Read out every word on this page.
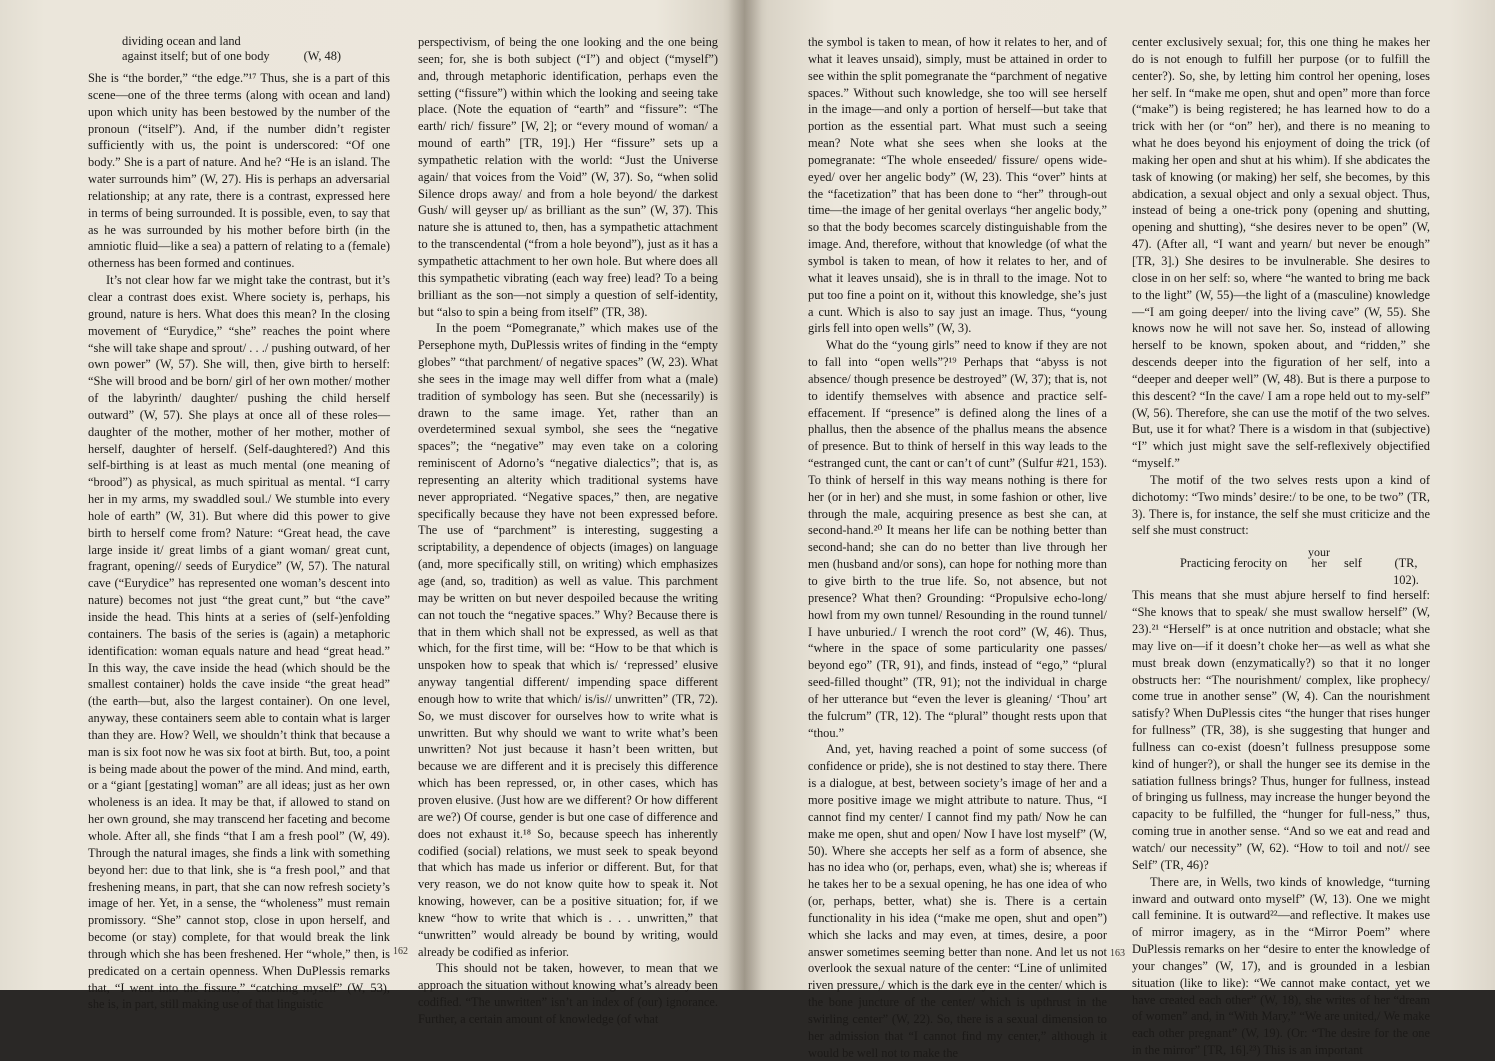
dividing ocean and land
against itself; but of one body	(W, 48)

She is “the border,” “the edge.”¹⁷ Thus, she is a part of this scene—one of the three terms (along with ocean and land) upon which unity has been bestowed by the number of the pronoun (“itself”). And, if the number didn’t register sufficiently with us, the point is underscored: “Of one body.” She is a part of nature. And he? “He is an island. The water surrounds him” (W, 27). His is perhaps an adversarial relationship; at any rate, there is a contrast, expressed here in terms of being surrounded. It is possible, even, to say that as he was surrounded by his mother before birth (in the amniotic fluid—like a sea) a pattern of relating to a (female) otherness has been formed and continues.

It’s not clear how far we might take the contrast, but it’s clear a contrast does exist. Where society is, perhaps, his ground, nature is hers. What does this mean? In the closing movement of “Eurydice,” “she” reaches the point where “she will take shape and sprout/ . . ./ pushing outward, of her own power” (W, 57). She will, then, give birth to herself: “She will brood and be born/ girl of her own mother/ mother of the labyrinth/ daughter/ pushing the child herself outward” (W, 57). She plays at once all of these roles—daughter of the mother, mother of her mother, mother of herself, daughter of herself. (Self-daughtered?) And this self-birthing is at least as much mental (one meaning of “brood”) as physical, as much spiritual as mental. “I carry her in my arms, my swaddled soul./ We stumble into every hole of earth” (W, 31). But where did this power to give birth to herself come from? Nature: “Great head, the cave large inside it/ great limbs of a giant woman/ great cunt, fragrant, opening// seeds of Eurydice” (W, 57). The natural cave (“Eurydice” has represented one woman’s descent into nature) becomes not just “the great cunt,” but “the cave” inside the head. This hints at a series of (self-)enfolding containers. The basis of the series is (again) a metaphoric identification: woman equals nature and head “great head.” In this way, the cave inside the head (which should be the smallest container) holds the cave inside “the great head” (the earth—but, also the largest container). On one level, anyway, these containers seem able to contain what is larger than they are. How? Well, we shouldn’t think that because a man is six foot now he was six foot at birth. But, too, a point is being made about the power of the mind. And mind, earth, or a “giant [gestating] woman” are all ideas; just as her own wholeness is an idea. It may be that, if allowed to stand on her own ground, she may transcend her faceting and become whole. After all, she finds “that I am a fresh pool” (W, 49). Through the natural images, she finds a link with something beyond her: due to that link, she is “a fresh pool,” and that freshening means, in part, that she can now refresh society’s image of her. Yet, in a sense, the “wholeness” must remain promissory. “She” cannot stop, close in upon herself, and become (or stay) complete, for that would break the link through which she has been freshened. Her “whole,” then, is predicated on a certain openness. When DuPlessis remarks that, “I went into the fissure,” “catching myself” (W, 53), she is, in part, still making use of that linguistic

perspectivism, of being the one looking and the one being seen; for, she is both subject (“I”) and object (“myself”) and, through metaphoric identification, perhaps even the setting (“fissure”) within which the looking and seeing take place. (Note the equation of “earth” and “fissure”: “The earth/ rich/ fissure” [W, 2]; or “every mound of woman/ a mound of earth” [TR, 19].) Her “fissure” sets up a sympathetic relation with the world: “Just the Universe again/ that voices from the Void” (W, 37). So, “when solid Silence drops away/ and from a hole beyond/ the darkest Gush/ will geyser up/ as brilliant as the sun” (W, 37). This nature she is attuned to, then, has a sympathetic attachment to the transcendental (“from a hole beyond”), just as it has a sympathetic attachment to her own hole. But where does all this sympathetic vibrating (each way free) lead? To a being brilliant as the son—not simply a question of self-identity, but “also to spin a being from itself” (TR, 38).

In the poem “Pomegranate,” which makes use of the Persephone myth, DuPlessis writes of finding in the “empty globes” “that parchment/ of negative spaces” (W, 23). What she sees in the image may well differ from what a (male) tradition of symbology has seen. But she (necessarily) is drawn to the same image. Yet, rather than an overdetermined sexual symbol, she sees the “negative spaces”; the “negative” may even take on a coloring reminiscent of Adorno’s “negative dialectics”; that is, as representing an alterity which traditional systems have never appropriated. “Negative spaces,” then, are negative specifically because they have not been expressed before. The use of “parchment” is interesting, suggesting a scriptability, a dependence of objects (images) on language (and, more specifically still, on writing) which emphasizes age (and, so, tradition) as well as value. This parchment may be written on but never despoiled because the writing can not touch the “negative spaces.” Why? Because there is that in them which shall not be expressed, as well as that which, for the first time, will be: “How to be that which is unspoken how to speak that which is/ ‘repressed’ elusive anyway tangential different/ impending space different enough how to write that which/ is/is// unwritten” (TR, 72). So, we must discover for ourselves how to write what is unwritten. But why should we want to write what’s been unwritten? Not just because it hasn’t been written, but because we are different and it is precisely this difference which has been repressed, or, in other cases, which has proven elusive. (Just how are we different? Or how different are we?) Of course, gender is but one case of difference and does not exhaust it.¹⁸ So, because speech has inherently codified (social) relations, we must seek to speak beyond that which has made us inferior or different. But, for that very reason, we do not know quite how to speak it. Not knowing, however, can be a positive situation; for, if we knew “how to write that which is . . . unwritten,” that “unwritten” would already be bound by writing, would already be codified as inferior.

This should not be taken, however, to mean that we approach the situation without knowing what’s already been codified. “The unwritten” isn’t an index of (our) ignorance. Further, a certain amount of knowledge (of what

162

the symbol is taken to mean, of how it relates to her, and of what it leaves unsaid), simply, must be attained in order to see within the split pomegranate the “parchment of negative spaces.” Without such knowledge, she too will see herself in the image—and only a portion of herself—but take that portion as the essential part. What must such a seeing mean? Note what she sees when she looks at the pomegranate: “The whole enseeded/ fissure/ opens wide-eyed/ over her angelic body” (W, 23). This “over” hints at the “facetization” that has been done to “her” through-out time—the image of her genital overlays “her angelic body,” so that the body becomes scarcely distinguishable from the image. And, therefore, without that knowledge (of what the symbol is taken to mean, of how it relates to her, and of what it leaves unsaid), she is in thrall to the image. Not to put too fine a point on it, without this knowledge, she’s just a cunt. Which is also to say just an image. Thus, “young girls fell into open wells” (W, 3).

What do the “young girls” need to know if they are not to fall into “open wells”?¹⁹ Perhaps that “abyss is not absence/ though presence be destroyed” (W, 37); that is, not to identify themselves with absence and practice self-effacement. If “presence” is defined along the lines of a phallus, then the absence of the phallus means the absence of presence. But to think of herself in this way leads to the “estranged cunt, the cant or can’t of cunt” (Sulfur #21, 153). To think of herself in this way means nothing is there for her (or in her) and she must, in some fashion or other, live through the male, acquiring presence as best she can, at second-hand.²⁰ It means her life can be nothing better than second-hand; she can do no better than live through her men (husband and/or sons), can hope for nothing more than to give birth to the true life. So, not absence, but not presence? What then? Grounding: “Propulsive echo-long/ howl from my own tunnel/ Resounding in the round tunnel/ I have unburied./ I wrench the root cord” (W, 46). Thus, “where in the space of some particularity one passes/ beyond ego” (TR, 91), and finds, instead of “ego,” “plural seed-filled thought” (TR, 91); not the individual in charge of her utterance but “even the lever is gleaning/ ‘Thou’ art the fulcrum” (TR, 12). The “plural” thought rests upon that “thou.”

And, yet, having reached a point of some success (of confidence or pride), she is not destined to stay there. There is a dialogue, at best, between society’s image of her and a more positive image we might attribute to nature. Thus, “I cannot find my center/ I cannot find my path/ Now he can make me open, shut and open/ Now I have lost myself” (W, 50). Where she accepts her self as a form of absence, she has no idea who (or, perhaps, even, what) she is; whereas if he takes her to be a sexual opening, he has one idea of who (or, perhaps, better, what) she is. There is a certain functionality in his idea (“make me open, shut and open”) which she lacks and may even, at times, desire, a poor answer sometimes seeming better than none. And let us not overlook the sexual nature of the center: “Line of unlimited riven pressure,/ which is the dark eye in the center/ which is the bone juncture of the center/ which is upthrust in the swirling center” (W, 22). So, there is a sexual dimension to her admission that “I cannot find my center,” although it would be well not to make the

center exclusively sexual; for, this one thing he makes her do is not enough to fulfill her purpose (or to fulfill the center?). So, she, by letting him control her opening, loses her self. In “make me open, shut and open” more than force (“make”) is being registered; he has learned how to do a trick with her (or “on” her), and there is no meaning to what he does beyond his enjoyment of doing the trick (of making her open and shut at his whim). If she abdicates the task of knowing (or making) her self, she becomes, by this abdication, a sexual object and only a sexual object. Thus, instead of being a one-trick pony (opening and shutting, opening and shutting), “she desires never to be open” (W, 47). (After all, “I want and yearn/ but never be enough” [TR, 3].) She desires to be invulnerable. She desires to close in on her self: so, where “he wanted to bring me back to the light” (W, 55)—the light of a (masculine) knowledge—“I am going deeper/ into the living cave” (W, 55). She knows now he will not save her. So, instead of allowing herself to be known, spoken about, and “ridden,” she descends deeper into the figuration of her self, into a “deeper and deeper well” (W, 48). But is there a purpose to this descent? “In the cave/ I am a rope held out to my-self” (W, 56). Therefore, she can use the motif of the two selves. But, use it for what? There is a wisdom in that (subjective) “I” which just might save the self-reflexively objectified “myself.”

The motif of the two selves rests upon a kind of dichotomy: “Two minds’ desire:/ to be one, to be two” (TR, 3). There is, for instance, the self she must criticize and the self she must construct:

Practicing ferocity on
your
her self	(TR, 102).

This means that she must abjure herself to find herself: “She knows that to speak/ she must swallow herself” (W, 23).²¹ “Herself” is at once nutrition and obstacle; what she may live on—if it doesn’t choke her—as well as what she must break down (enzymatically?) so that it no longer obstructs her: “The nourishment/ complex, like prophecy/ come true in another sense” (W, 4). Can the nourishment satisfy? When DuPlessis cites “the hunger that rises hunger for fullness” (TR, 38), is she suggesting that hunger and fullness can co-exist (doesn’t fullness presuppose some kind of hunger?), or shall the hunger see its demise in the satiation fullness brings? Thus, hunger for fullness, instead of bringing us fullness, may increase the hunger beyond the capacity to be fulfilled, the “hunger for full-ness,” thus, coming true in another sense. “And so we eat and read and watch/ our necessity” (W, 62). “How to toil and not// see Self” (TR, 46)?

There are, in Wells, two kinds of knowledge, “turning inward and outward onto myself” (W, 13). One we might call feminine. It is outward²²—and reflective. It makes use of mirror imagery, as in the “Mirror Poem” where DuPlessis remarks on her “desire to enter the knowledge of your changes” (W, 17), and is grounded in a lesbian situation (like to like): “We cannot make contact, yet we have created each other” (W, 18), she writes of her “dream of women” and, in “With Mary,” “We are united,/ We make each other pregnant” (W, 19). (Or: “The desire for the one in the mirror” [TR, 16].²³) This is an important

163
